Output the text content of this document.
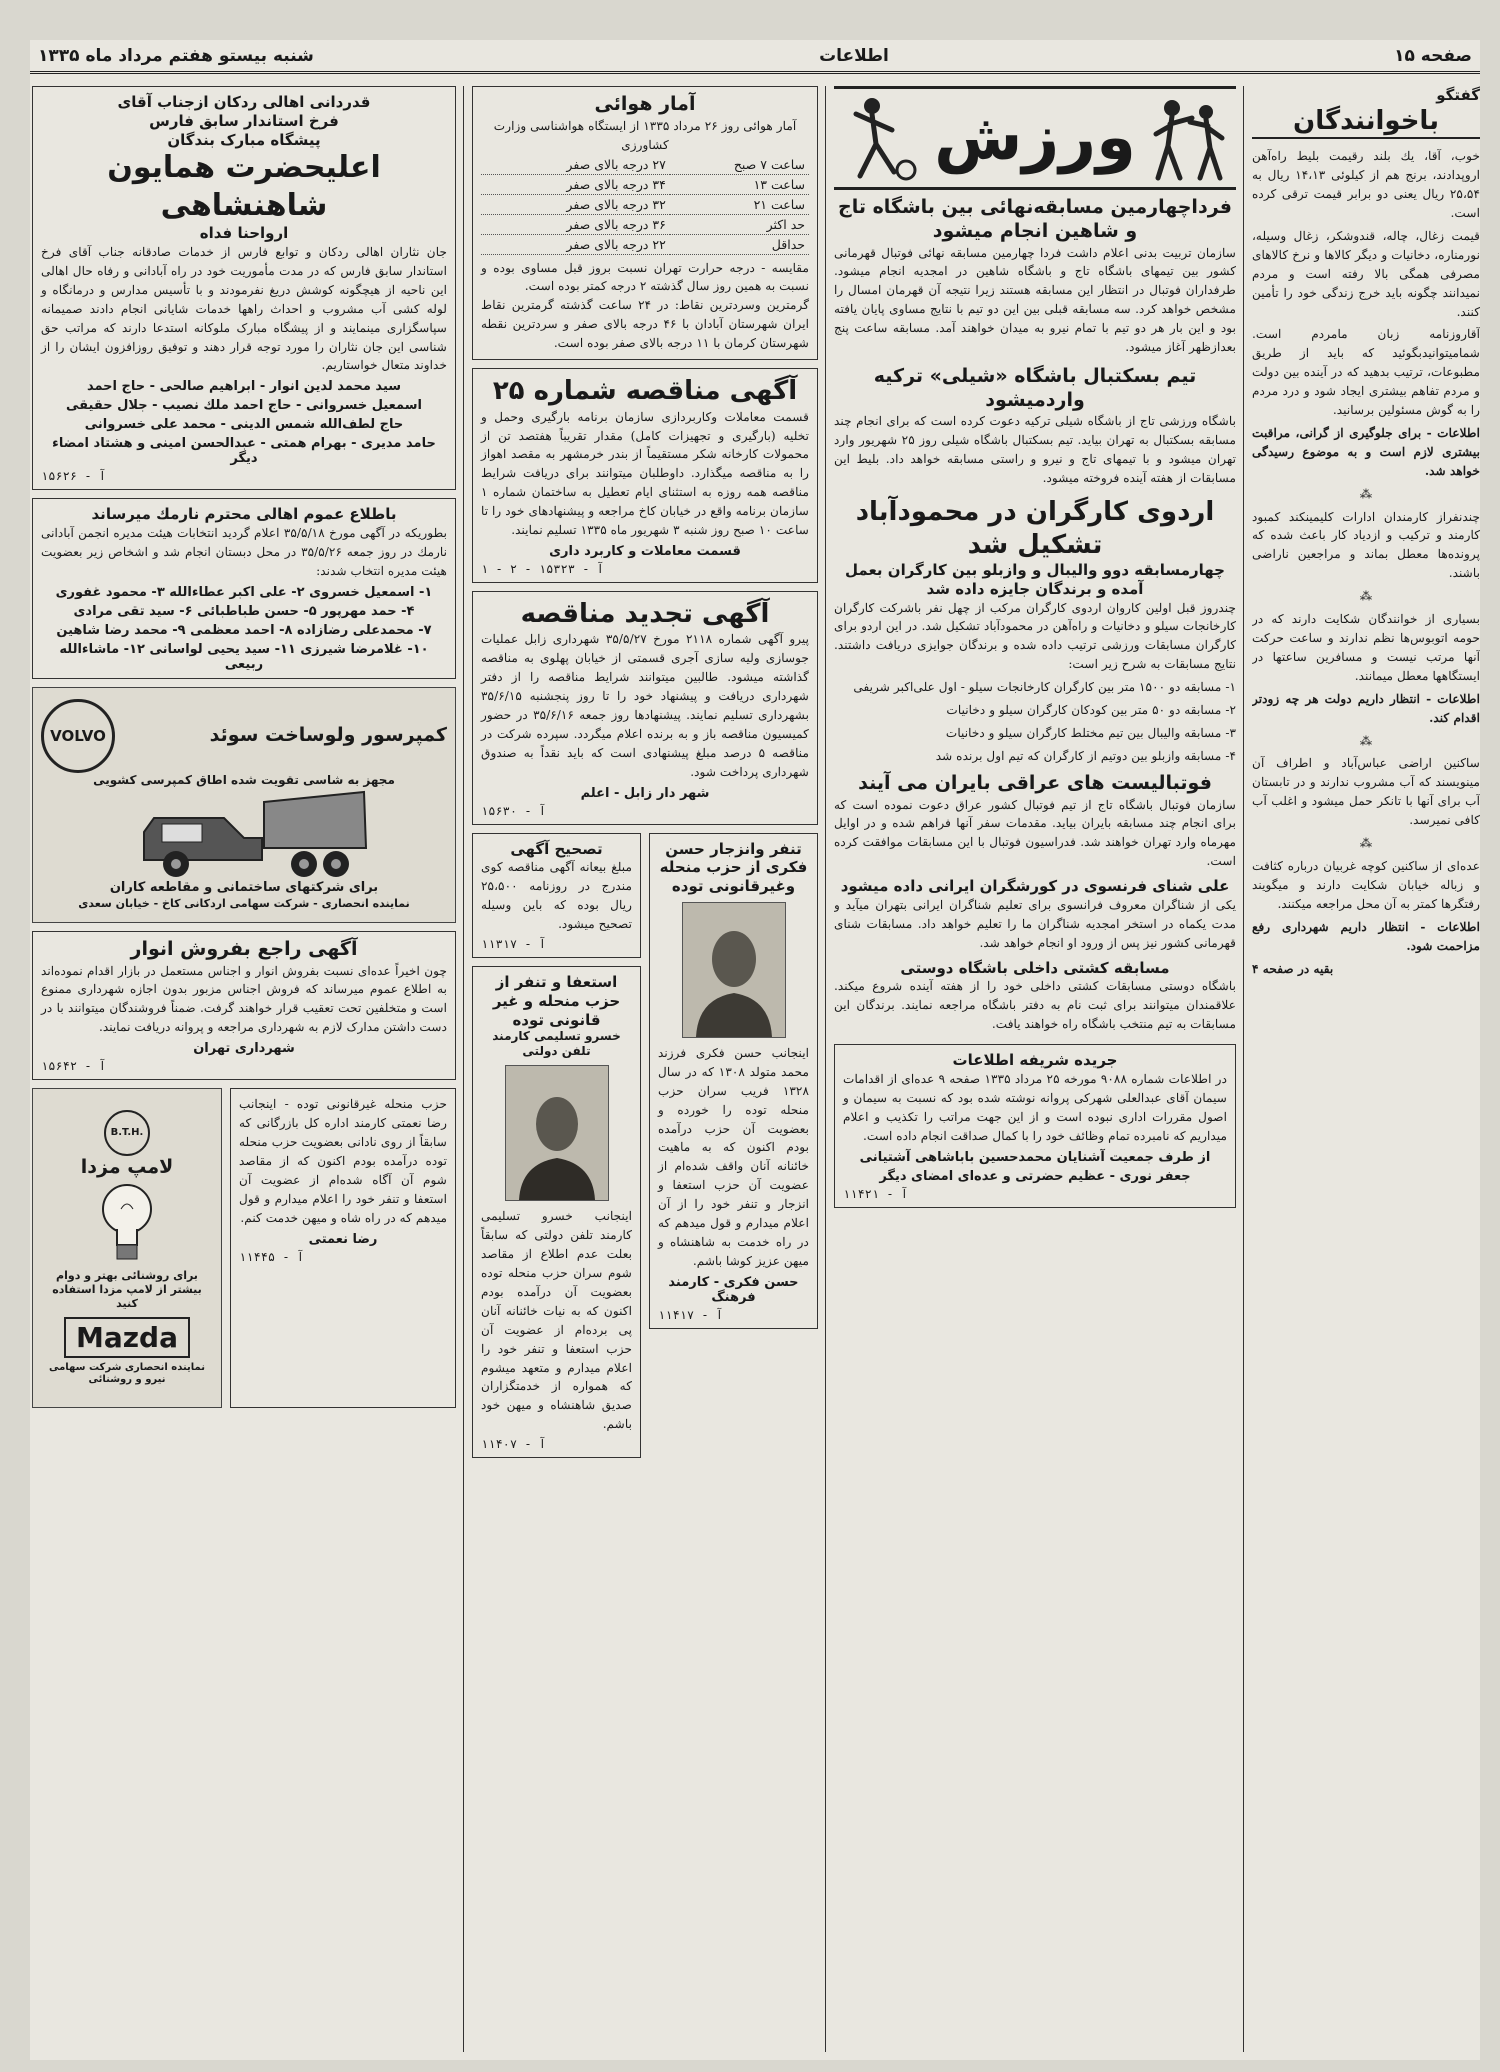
صفحه ۱۵
اطلاعات
شنبه بیستو هفتم مرداد ماه ۱۳۳۵
گفتگو
باخوانندگان

خوب، آقا، یك بلند رقیمت بلیط راه‌آهن اروپدادند، برنج هم از کیلوئی ۱۴،۱۳ ریال به ۲۵،۵۴ ریال یعنی دو برابر قیمت ترقی کرده است.

قیمت زغال، چاله، قندوشکر، زغال وسیله، نورمناره، دخانیات و دیگر کالاها و نرخ کالاهای مصرفی همگی بالا رفته است و مردم نمیدانند چگونه باید خرج زندگی خود را تأمین کنند.

آقاروزنامه زبان مامردم است. شمامیتوانیدبگوئید که باید از طریق مطبوعات، ترتیب بدهید که در آینده بین دولت و مردم تفاهم بیشتری ایجاد شود و درد مردم را به گوش مسئولین برسانید.

اطلاعات - برای جلوگیری از گرانی، مراقبت بیشتری لازم است و به موضوع رسیدگی خواهد شد.

⁂

چندنفراز کارمندان ادارات کلیمینکند کمبود کارمند و ترکیب و ازدیاد کار باعث شده که پرونده‌ها معطل بماند و مراجعین ناراضی باشند.

⁂

بسیاری از خوانندگان شکایت دارند که در حومه اتوبوس‌ها نظم ندارند و ساعت حرکت آنها مرتب نیست و مسافرین ساعتها در ایستگاهها معطل میمانند.

اطلاعات - انتظار داریم دولت هر چه زودتر اقدام کند.

⁂

ساکنین اراضی عباس‌آباد و اطراف آن مینویسند که آب مشروب ندارند و در تابستان آب برای آنها با تانکر حمل میشود و اغلب آب کافی نمیرسد.

⁂

عده‌ای از ساکنین کوچه غربیان درباره کثافت و زباله خیابان شکایت دارند و میگویند رفتگرها کمتر به آن محل مراجعه میکنند.

اطلاعات - انتظار داریم شهرداری رفع مزاحمت شود.

بقیه در صفحه ۴

ورزش
فرداچهارمین مسابقه‌نهائی بین باشگاه تاج و شاهین انجام میشود
سازمان تربیت بدنی اعلام داشت فردا چهارمین مسابقه نهائی فوتبال قهرمانی کشور بین تیمهای باشگاه تاج و باشگاه شاهین در امجدیه انجام میشود. طرفداران فوتبال در انتظار این مسابقه هستند زیرا نتیجه آن قهرمان امسال را مشخص خواهد کرد. سه مسابقه قبلی بین این دو تیم با نتایج مساوی پایان یافته بود و این بار هر دو تیم با تمام نیرو به میدان خواهند آمد. مسابقه ساعت پنج بعدازظهر آغاز میشود.
تیم بسکتبال باشگاه «شیلی» ترکیه واردمیشود
باشگاه ورزشی تاج از باشگاه شیلی ترکیه دعوت کرده است که برای انجام چند مسابقه بسکتبال به تهران بیاید. تیم بسکتبال باشگاه شیلی روز ۲۵ شهریور وارد تهران میشود و با تیمهای تاج و نیرو و راستی مسابقه خواهد داد. بلیط این مسابقات از هفته آینده فروخته میشود.
اردوی کارگران در محمودآباد تشکیل شد
چهارمسابقه دوو والیبال و وازبلو بین کارگران بعمل آمده و برندگان جایزه داده شد

چندروز قبل اولین کاروان اردوی کارگران مرکب از چهل نفر باشرکت کارگران کارخانجات سیلو و دخانیات و راه‌آهن در محمودآباد تشکیل شد. در این اردو برای کارگران مسابقات ورزشی ترتیب داده شده و برندگان جوایزی دریافت داشتند. نتایج مسابقات به شرح زیر است:

۱- مسابقه دو ۱۵۰۰ متر بین کارگران کارخانجات سیلو - اول علی‌اکبر شریفی

۲- مسابقه دو ۵۰ متر بین کودکان کارگران سیلو و دخانیات

۳- مسابقه والیبال بین تیم مختلط کارگران سیلو و دخانیات

۴- مسابقه وازبلو بین دوتیم از کارگران که تیم اول برنده شد

فوتبالیست های عراقی بایران می آیند
سازمان فوتبال باشگاه تاج از تیم فوتبال کشور عراق دعوت نموده است که برای انجام چند مسابقه بایران بیاید. مقدمات سفر آنها فراهم شده و در اوایل مهرماه وارد تهران خواهند شد. فدراسیون فوتبال با این مسابقات موافقت کرده است.
علی شنای فرنسوی در کورشگران ایرانی داده میشود
یکی از شناگران معروف فرانسوی برای تعلیم شناگران ایرانی بتهران میآید و مدت یکماه در استخر امجدیه شناگران ما را تعلیم خواهد داد. مسابقات شنای قهرمانی کشور نیز پس از ورود او انجام خواهد شد.
مسابقه کشتی داخلی باشگاه دوستی
باشگاه دوستی مسابقات کشتی داخلی خود را از هفته آینده شروع میکند. علاقمندان میتوانند برای ثبت نام به دفتر باشگاه مراجعه نمایند. برندگان این مسابقات به تیم منتخب باشگاه راه خواهند یافت.
جریده شریفه اطلاعات
در اطلاعات شماره ۹۰۸۸ مورخه ۲۵ مرداد ۱۳۳۵ صفحه ۹ عده‌ای از اقدامات سیمان آقای عبدالعلی شهرکی پروانه نوشته شده بود که نسبت به سیمان و اصول مقررات اداری نبوده است و از این جهت مراتب را تکذیب و اعلام میداریم که نامبرده تمام وظائف خود را با کمال صداقت انجام داده است.
از طرف جمعیت آشنایان محمدحسین باباشاهی آشتیانی
جعفر نوری - عظیم حضرتی و عده‌ای امضای دیگر
آ - ۱۱۴۲۱
آمار هوائی
آمار هوائی روز ۲۶ مرداد ۱۳۳۵ از ایستگاه هواشناسی وزارت کشاورزی
ساعت ۷ صبح	۲۷ درجه بالای صفر
ساعت ۱۳	۳۴ درجه بالای صفر
ساعت ۲۱	۳۲ درجه بالای صفر
حد اکثر	۳۶ درجه بالای صفر
حداقل	۲۲ درجه بالای صفر
مقایسه - درجه حرارت تهران نسبت بروز قبل مساوی بوده و نسبت به همین روز سال گذشته ۲ درجه کمتر بوده است.
گرمترین وسردترین نقاط: در ۲۴ ساعت گذشته گرمترین نقاط ایران شهرستان آبادان با ۴۶ درجه بالای صفر و سردترین نقطه شهرستان کرمان با ۱۱ درجه بالای صفر بوده است.
آگهی مناقصه شماره ۲۵
قسمت معاملات وکاربردازی سازمان برنامه بارگیری وحمل و تخلیه (بارگیری و تجهیزات کامل) مقدار تقریباً هفتصد تن از محمولات کارخانه شکر مستقیماً از بندر خرمشهر به مقصد اهواز را به مناقصه میگذارد. داوطلبان میتوانند برای دریافت شرایط مناقصه همه روزه به استثنای ایام تعطیل به ساختمان شماره ۱ سازمان برنامه واقع در خیابان کاخ مراجعه و پیشنهادهای خود را تا ساعت ۱۰ صبح روز شنبه ۳ شهریور ماه ۱۳۳۵ تسلیم نمایند.
قسمت معاملات و کاربرد داری
آ - ۱۵۳۲۳ - ۲ - ۱
آگهی تجدید مناقصه
پیرو آگهی شماره ۲۱۱۸ مورخ ۳۵/۵/۲۷ شهرداری زابل عملیات جوسازی ولیه سازی آجری قسمتی از خیابان پهلوی به مناقصه گذاشته میشود. طالبین میتوانند شرایط مناقصه را از دفتر شهرداری دریافت و پیشنهاد خود را تا روز پنجشنبه ۳۵/۶/۱۵ بشهرداری تسلیم نمایند. پیشنهادها روز جمعه ۳۵/۶/۱۶ در حضور کمیسیون مناقصه باز و به برنده اعلام میگردد. سپرده شرکت در مناقصه ۵ درصد مبلغ پیشنهادی است که باید نقداً به صندوق شهرداری پرداخت شود.
شهر دار زابل - اعلم
آ - ۱۵۶۳۰
تنفر وانزجار حسن فکری از حزب منحله وغیرقانونی توده
اینجانب حسن فکری فرزند محمد متولد ۱۳۰۸ که در سال ۱۳۲۸ فریب سران حزب منحله توده را خورده و بعضویت آن حزب درآمده بودم اکنون که به ماهیت خائنانه آنان واقف شده‌ام از عضویت آن حزب استعفا و انزجار و تنفر خود را از آن اعلام میدارم و قول میدهم که در راه خدمت به شاهنشاه و میهن عزیز کوشا باشم.
حسن فکری - کارمند فرهنگ
آ - ۱۱۴۱۷
تصحیح آگهی
مبلغ بیعانه آگهی مناقصه کوی مندرج در روزنامه ۲۵،۵۰۰ ریال بوده که باین وسیله تصحیح میشود.
آ - ۱۱۳۱۷
استعفا و تنفر از حزب منحله و غیر قانونی توده
خسرو تسلیمی کارمند تلفن دولتی
اینجانب خسرو تسلیمی کارمند تلفن دولتی که سابقاً بعلت عدم اطلاع از مقاصد شوم سران حزب منحله توده بعضویت آن درآمده بودم اکنون که به نیات خائنانه آنان پی برده‌ام از عضویت آن حزب استعفا و تنفر خود را اعلام میدارم و متعهد میشوم که همواره از خدمتگزاران صدیق شاهنشاه و میهن خود باشم.
آ - ۱۱۴۰۷
قدردانی اهالی ردکان ازجناب آقای
فرخ استاندار سابق فارس
پیشگاه مبارک بندگان
اعلیحضرت همایون شاهنشاهی
ارواحنا فداه
جان نثاران اهالی ردکان و توابع فارس از خدمات صادقانه جناب آقای فرخ استاندار سابق فارس که در مدت مأموریت خود در راه آبادانی و رفاه حال اهالی این ناحیه از هیچگونه کوشش دریغ نفرمودند و با تأسیس مدارس و درمانگاه و لوله کشی آب مشروب و احداث راهها خدمات شایانی انجام دادند صمیمانه سپاسگزاری مینمایند و از پیشگاه مبارک ملوکانه استدعا دارند که مراتب حق شناسی این جان نثاران را مورد توجه قرار دهند و توفیق روزافزون ایشان را از خداوند متعال خواستاریم.
سید محمد لدین انوار - ابراهیم صالحی - حاج احمد
اسمعیل خسروانی - حاج احمد ملك نصیب - جلال حقیقی
حاج لطف‌الله شمس الدینی - محمد علی خسروانی
حامد مدیری - بهرام همتی - عبدالحسن امینی و هشتاد امضاء دیگر
آ - ۱۵۶۲۶
باطلاع عموم اهالی محترم نارمك میرساند
بطوریکه در آگهی مورخ ۳۵/۵/۱۸ اعلام گردید انتخابات هیئت مدیره انجمن آبادانی نارمك در روز جمعه ۳۵/۵/۲۶ در محل دبستان انجام شد و اشخاص زیر بعضویت هیئت مدیره انتخاب شدند:
۱- اسمعیل خسروی ۲- علی اکبر عطاءالله ۳- محمود غفوری
۴- حمد مهرپور ۵- حسن طباطبائی ۶- سید تقی مرادی
۷- محمدعلی رضازاده ۸- احمد معظمی ۹- محمد رضا شاهین
۱۰- غلامرضا شیرزی ۱۱- سید یحیی لواسانی ۱۲- ماشاءالله ربیعی
کمپرسور ولوساخت سوئد
VOLVO
مجهز به شاسی تقویت شده اطاق کمپرسی کشویی
برای شرکتهای ساختمانی و مقاطعه کاران
نماینده انحصاری - شرکت سهامی اردکانی کاخ - خیابان سعدی
آگهی راجع بفروش انوار
چون اخیراً عده‌ای نسبت بفروش انوار و اجناس مستعمل در بازار اقدام نموده‌اند به اطلاع عموم میرساند که فروش اجناس مزبور بدون اجازه شهرداری ممنوع است و متخلفین تحت تعقیب قرار خواهند گرفت. ضمناً فروشندگان میتوانند با در دست داشتن مدارک لازم به شهرداری مراجعه و پروانه دریافت نمایند.
شهرداری تهران
آ - ۱۵۶۴۲
حزب منحله غیرقانونی توده - اینجانب رضا نعمتی کارمند اداره کل بازرگانی که سابقاً از روی نادانی بعضویت حزب منحله توده درآمده بودم اکنون که از مقاصد شوم آن آگاه شده‌ام از عضویت آن استعفا و تنفر خود را اعلام میدارم و قول میدهم که در راه شاه و میهن خدمت کنم.
رضا نعمتی
آ - ۱۱۴۴۵
B.T.H.
لامپ مزدا
برای روشنائی بهتر و دوام بیشتر از لامپ مزدا استفاده کنید
Mazda
نماینده انحصاری شرکت سهامی نیرو و روشنائی
